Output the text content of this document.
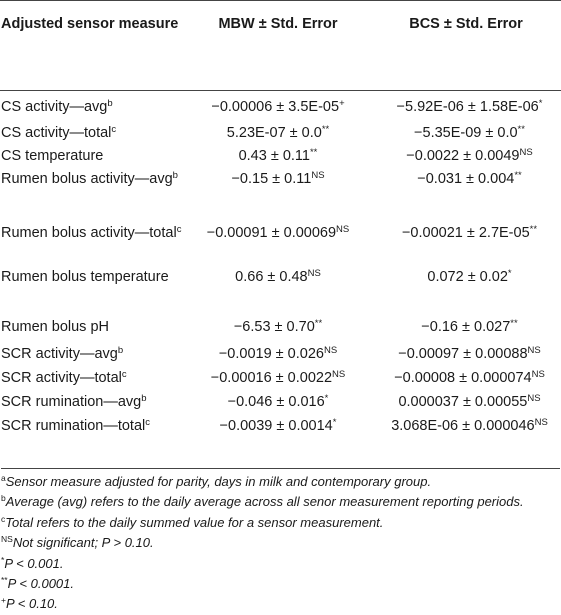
Adjusted sensor measure	MBW ± Std. Error	BCS ± Std. Error
CS activity—avg$^b$	−0.00006 ± 3.5E-05+	−5.92E-06 ± 1.58E-06*
CS activity—total$^c$	5.23E-07 ± 0.0**	−5.35E-09 ± 0.0**
CS temperature	0.43 ± 0.11**	$-0.0022 \pm 0.0049^{NS}$
Rumen bolus activity—avg$^b$	$-0.15 \pm 0.11^{NS}$	−0.031 ± 0.004**
Rumen bolus activity—total$^c$	$-0.00091 \pm 0.00069^{NS}$	−0.00021 ± 2.7E-05**
Rumen bolus temperature	$0.66 \pm 0.48^{NS}$	0.072 ± 0.02*
Rumen bolus pH	−6.53 ± 0.70**	−0.16 ± 0.027**
SCR activity—avg$^b$	$-0.0019 \pm 0.026^{NS}$	$-0.00097 \pm 0.00088^{NS}$
SCR activity—total$^c$	$-0.00016 \pm 0.0022^{NS}$	$-0.00008 \pm 0.000074^{NS}$
SCR rumination—avg$^b$	−0.046 ± 0.016*	$0.000037 \pm 0.00055^{NS}$
SCR rumination—total$^c$	−0.0039 ± 0.0014*	$3.068E-06 \pm 0.000046^{NS}$

$^a$Sensor measure adjusted for parity, days in milk and contemporary group.

$^b$Average (avg) refers to the daily average across all senor measurement reporting periods.

$^c$Total refers to the daily summed value for a sensor measurement.

$^{NS}$Not significant; P > 0.10.

*P < 0.001.

**P < 0.0001.

+P < 0.10.
